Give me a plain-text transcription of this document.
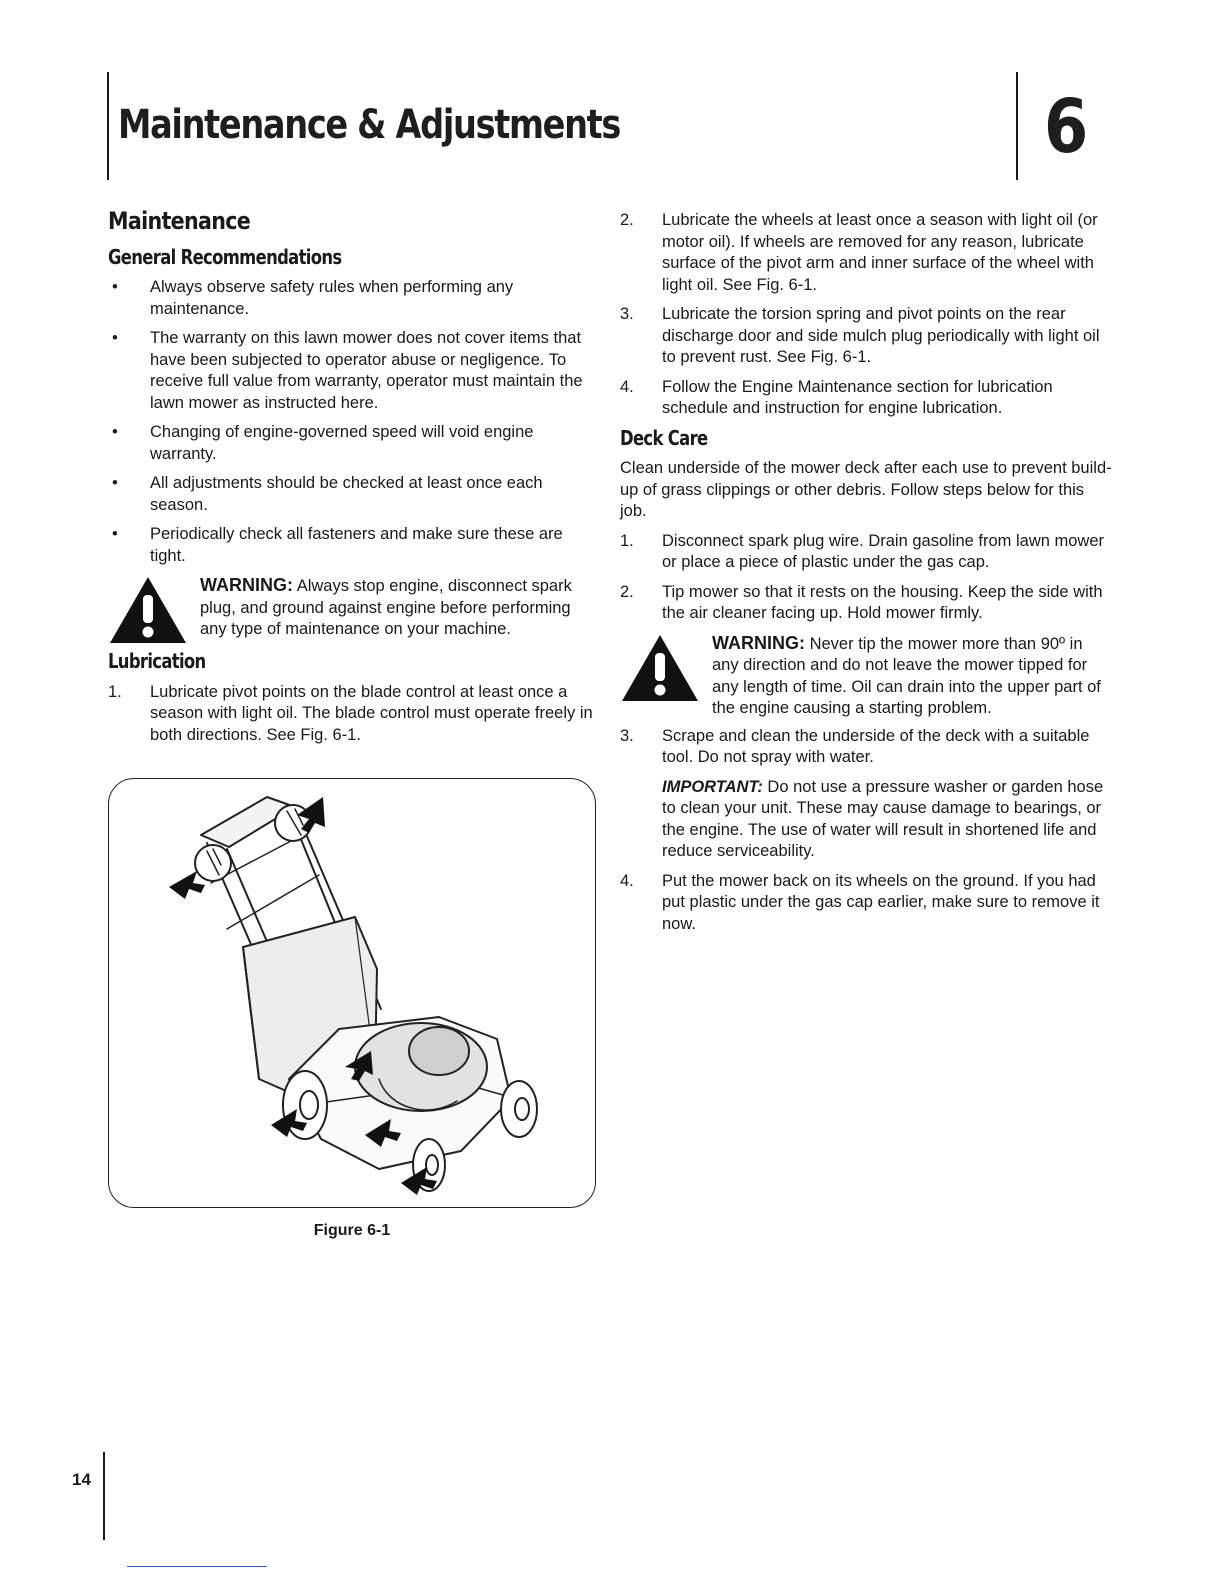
Maintenance & Adjustments	6
Maintenance
General Recommendations
• Always observe safety rules when performing any maintenance.
• The warranty on this lawn mower does not cover items that have been subjected to operator abuse or negligence. To receive full value from warranty, operator must maintain the lawn mower as instructed here.
• Changing of engine-governed speed will void engine warranty.
• All adjustments should be checked at least once each season.
• Periodically check all fasteners and make sure these are tight.
WARNING: Always stop engine, disconnect spark plug, and ground against engine before performing any type of maintenance on your machine.
Lubrication
1. Lubricate pivot points on the blade control at least once a season with light oil. The blade control must operate freely in both directions. See Fig. 6-1.
Figure 6-1
2. Lubricate the wheels at least once a season with light oil (or motor oil). If wheels are removed for any reason, lubricate surface of the pivot arm and inner surface of the wheel with light oil. See Fig. 6-1.
3. Lubricate the torsion spring and pivot points on the rear discharge door and side mulch plug periodically with light oil to prevent rust. See Fig. 6-1.
4. Follow the Engine Maintenance section for lubrication schedule and instruction for engine lubrication.
Deck Care

Clean underside of the mower deck after each use to prevent build-up of grass clippings or other debris. Follow steps below for this job.

1. Disconnect spark plug wire. Drain gasoline from lawn mower or place a piece of plastic under the gas cap.
2. Tip mower so that it rests on the housing. Keep the side with the air cleaner facing up. Hold mower firmly.
WARNING: Never tip the mower more than 90º in any direction and do not leave the mower tipped for any length of time. Oil can drain into the upper part of the engine causing a starting problem.
3. Scrape and clean the underside of the deck with a suitable tool. Do not spray with water.

IMPORTANT: Do not use a pressure washer or garden hose to clean your unit. These may cause damage to bearings, or the engine. The use of water will result in shortened life and reduce serviceability.

4. Put the mower back on its wheels on the ground. If you had put plastic under the gas cap earlier, make sure to remove it now.
14
